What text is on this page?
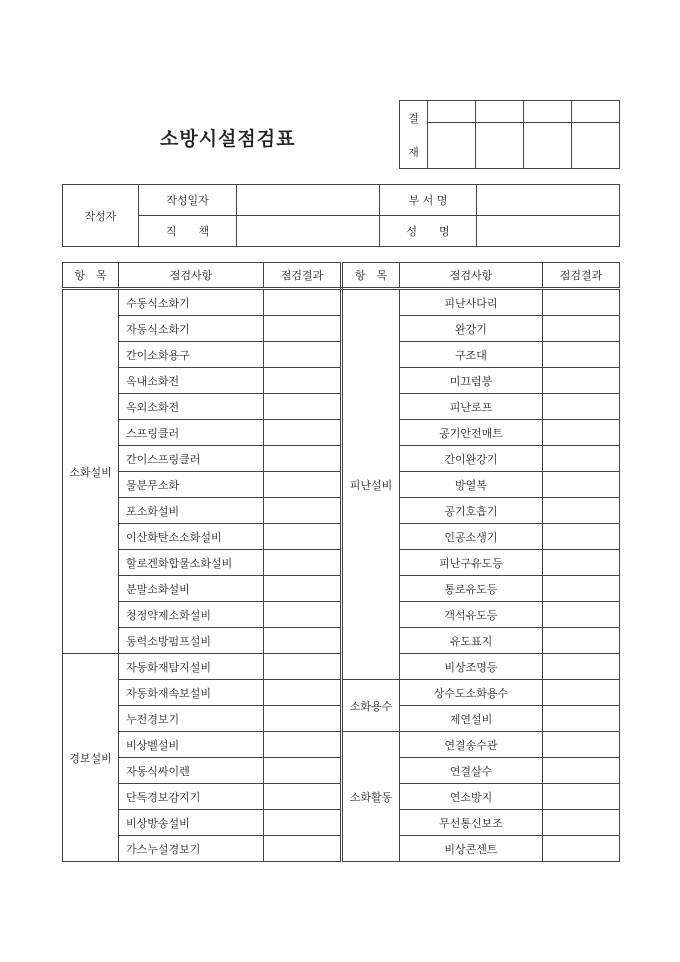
소방시설점검표
결
재				

작성자	작성일자		부 서 명	
	직　　책		성　　명	
항　목	점검사항	점검결과	항　목	점검사항	점검결과
소화설비	수동식소화기		피난설비	피난사다리	
	자동식소화기			완강기	
	간이소화용구			구조대	
	옥내소화전			미끄럼봉	
	옥외소화전			피난로프	
	스프링클러			공기안전매트	
	간이스프링클러			간이완강기	
	물분무소화			방열복	
	포소화설비			공기호흡기	
	이산화탄소소화설비			인공소생기	
	할로겐화합물소화설비			피난구유도등	
	분말소화설비			통로유도등	
	청정약제소화설비			객석유도등	
	동력소방펌프설비			유도표지	
경보설비	자동화재탐지설비			비상조명등	
	자동화재속보설비		소화용수	상수도소화용수	
	누전경보기			제연설비	
	비상벨설비		소화활동	연결송수관	
	자동식싸이렌			연결살수	
	단독경보감지기			연소방지	
	비상방송설비			무선통신보조	
	가스누설경보기			비상콘센트	
